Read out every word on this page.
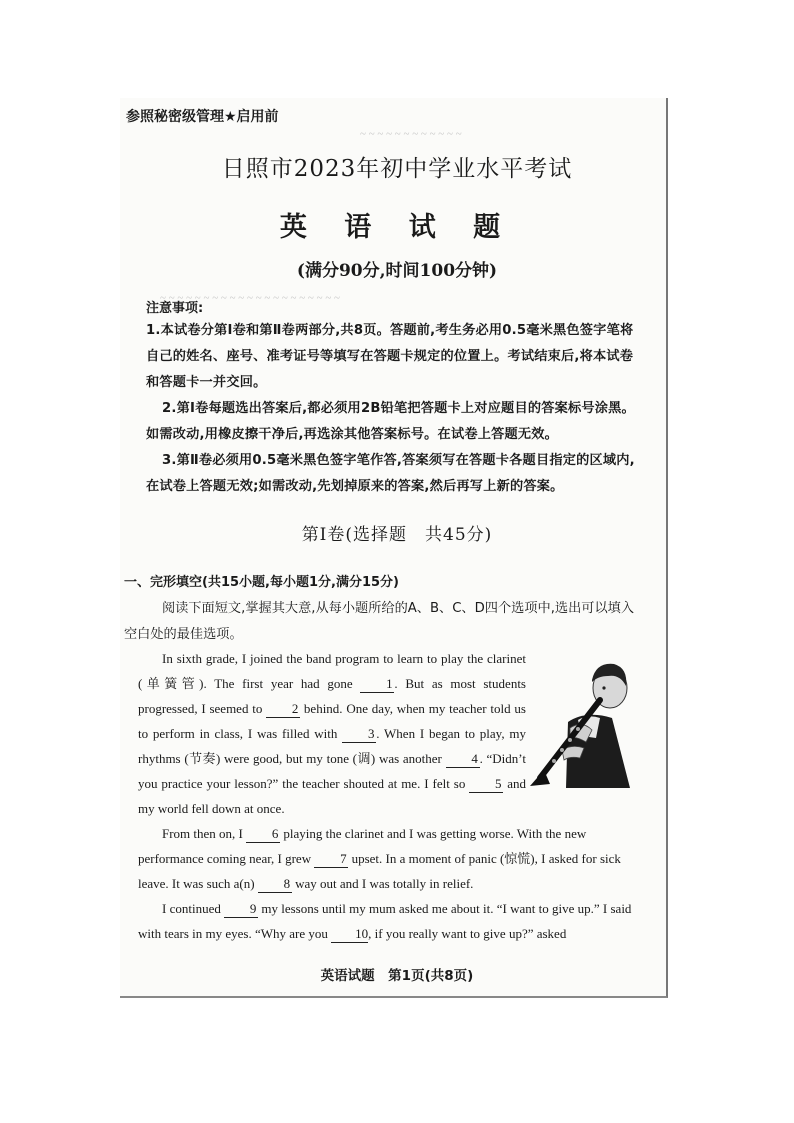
~ ~ ~ ~ ~ ~ ~ ~ ~ ~ ~ ~
~ ~ ~ ~ ~ ~ ~ ~ ~ ~ ~ ~ ~ ~ ~ ~ ~ ~ ~ ~ ~
参照秘密级管理★启用前
日照市2023年初中学业水平考试
英 语 试 题
(满分90分,时间100分钟)
注意事项:
1.本试卷分第Ⅰ卷和第Ⅱ卷两部分,共8页。答题前,考生务必用0.5毫米黑色签字笔将自己的姓名、座号、准考证号等填写在答题卡规定的位置上。考试结束后,将本试卷和答题卡一并交回。
2.第Ⅰ卷每题选出答案后,都必须用2B铅笔把答题卡上对应题目的答案标号涂黑。如需改动,用橡皮擦干净后,再选涂其他答案标号。在试卷上答题无效。
3.第Ⅱ卷必须用0.5毫米黑色签字笔作答,答案须写在答题卡各题目指定的区域内,在试卷上答题无效;如需改动,先划掉原来的答案,然后再写上新的答案。
第Ⅰ卷(选择题　共45分)
一、完形填空(共15小题,每小题1分,满分15分)
阅读下面短文,掌握其大意,从每小题所给的A、B、C、D四个选项中,选出可以填入空白处的最佳选项。
In sixth grade, I joined the band program to learn to play the clarinet (单簧管). The first year had gone 1 . But as most students progressed, I seemed to 2 behind. One day, when my teacher told us to perform in class, I was filled with 3 . When I began to play, my rhythms (节奏) were good, but my tone (调) was another 4 . “Didn’t you practice your lesson?” the teacher shouted at me. I felt so 5 and my world fell down at once.
From then on, I 6 playing the clarinet and I was getting worse. With the new performance coming near, I grew 7 upset. In a moment of panic (惊慌), I asked for sick leave. It was such a(n) 8 way out and I was totally in relief.
I continued 9 my lessons until my mum asked me about it. “I want to give up.” I said with tears in my eyes. “Why are you 10, if you really want to give up?” asked
英语试题　第1页(共8页)
